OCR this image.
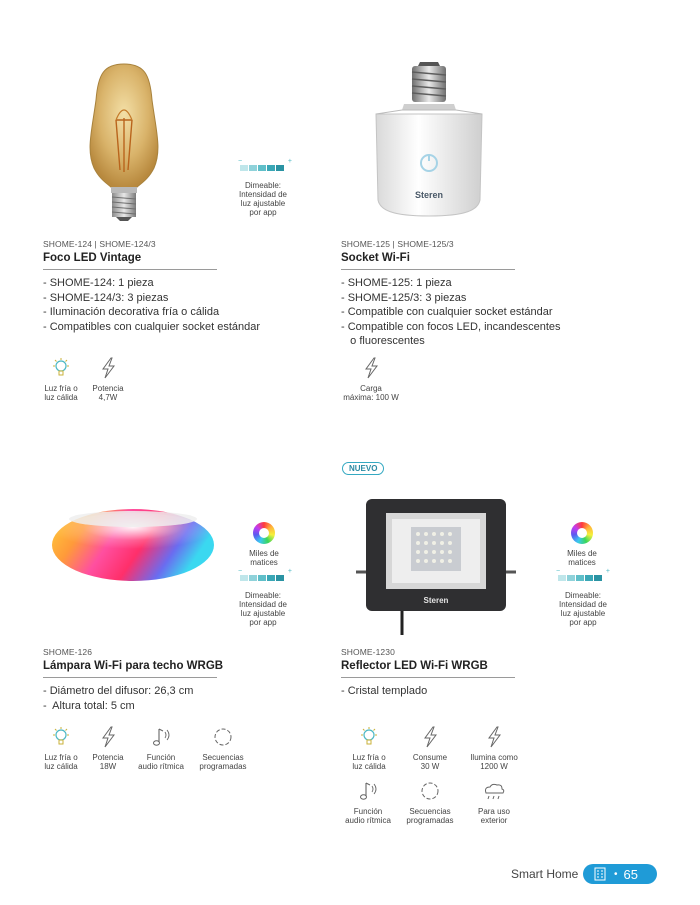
−	+
Dimeable:
Intensidad de
luz ajustable
por app
SHOME-124 | SHOME-124/3
Foco LED Vintage
- SHOME-124: 1 pieza
- SHOME-124/3: 3 piezas
- Iluminación decorativa fría o cálida
- Compatibles con cualquier socket estándar
Luz fría o
luz cálida
Potencia
4,7W
Steren
SHOME-125 | SHOME-125/3
Socket Wi-Fi
- SHOME-125: 1 pieza
- SHOME-125/3: 3 piezas
- Compatible con cualquier socket estándar
- Compatible con focos LED, incandescentes
o fluorescentes
Carga
máxima: 100 W
Miles de
matices
−	+
Dimeable:
Intensidad de
luz ajustable
por app
SHOME-126
Lámpara Wi-Fi para techo WRGB
- Diámetro del difusor: 26,3 cm
-  Altura total: 5 cm
Luz fría o
luz cálida
Potencia
18W
Función
audio rítmica
Secuencias
programadas
NUEVO
Steren
Miles de
matices
−	+
Dimeable:
Intensidad de
luz ajustable
por app
SHOME-1230
Reflector LED Wi-Fi WRGB
- Cristal templado
Luz fría o
luz cálida
Consume
30 W
Ilumina como
1200 W
Función
audio rítmica
Secuencias
programadas
Para uso
exterior
Smart Home	• 65
